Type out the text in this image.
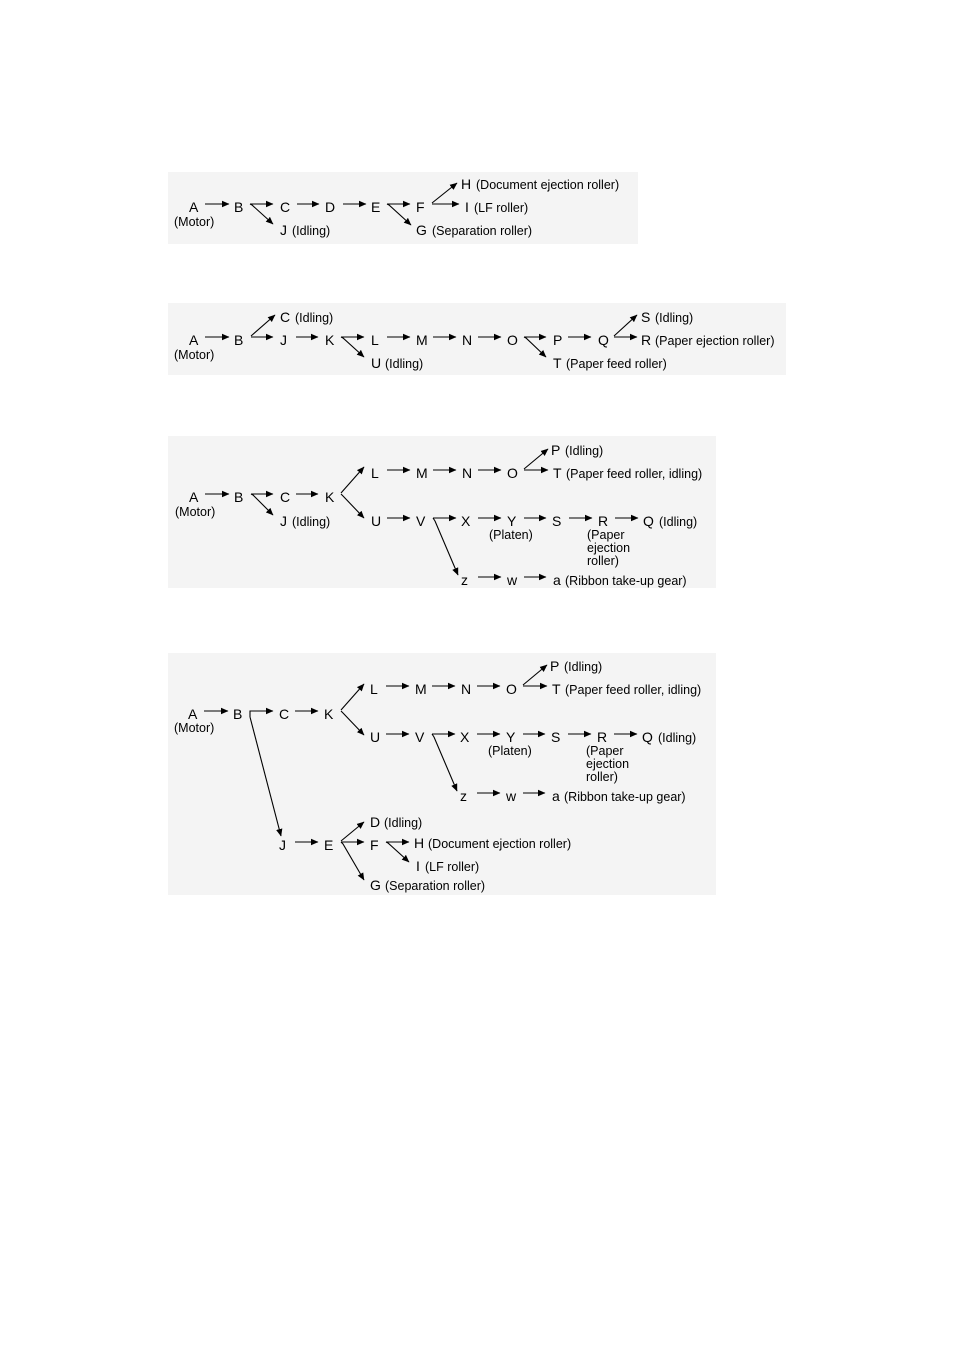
A
(Motor)
B	C
J (Idling)
D	E	F
G (Separation roller)
H (Document ejection roller)
I (LF roller)
A
(Motor)
B
C (Idling)
J	K	L
U (Idling)
M N O	P
T (Paper feed roller)
Q
S (Idling)
R (Paper ejection roller)
A
(Motor)
B	C
J (Idling)
K
L	M N O
P (Idling)
T (Paper feed roller, idling)
U V	X	Y
(Platen)
S	R
(Paper
ejection
roller)
Q (Idling)
z	w	a (Ribbon take-up gear)
A
(Motor)
B	C K
L	M N O
P (Idling)
T (Paper feed roller, idling)
U V	X	Y
(Platen)
S	R
(Paper
ejection
roller)
Q (Idling)
z	w	a (Ribbon take-up gear)
J	E
D (Idling)
F	H (Document ejection roller)
I (LF roller)
G (Separation roller)
